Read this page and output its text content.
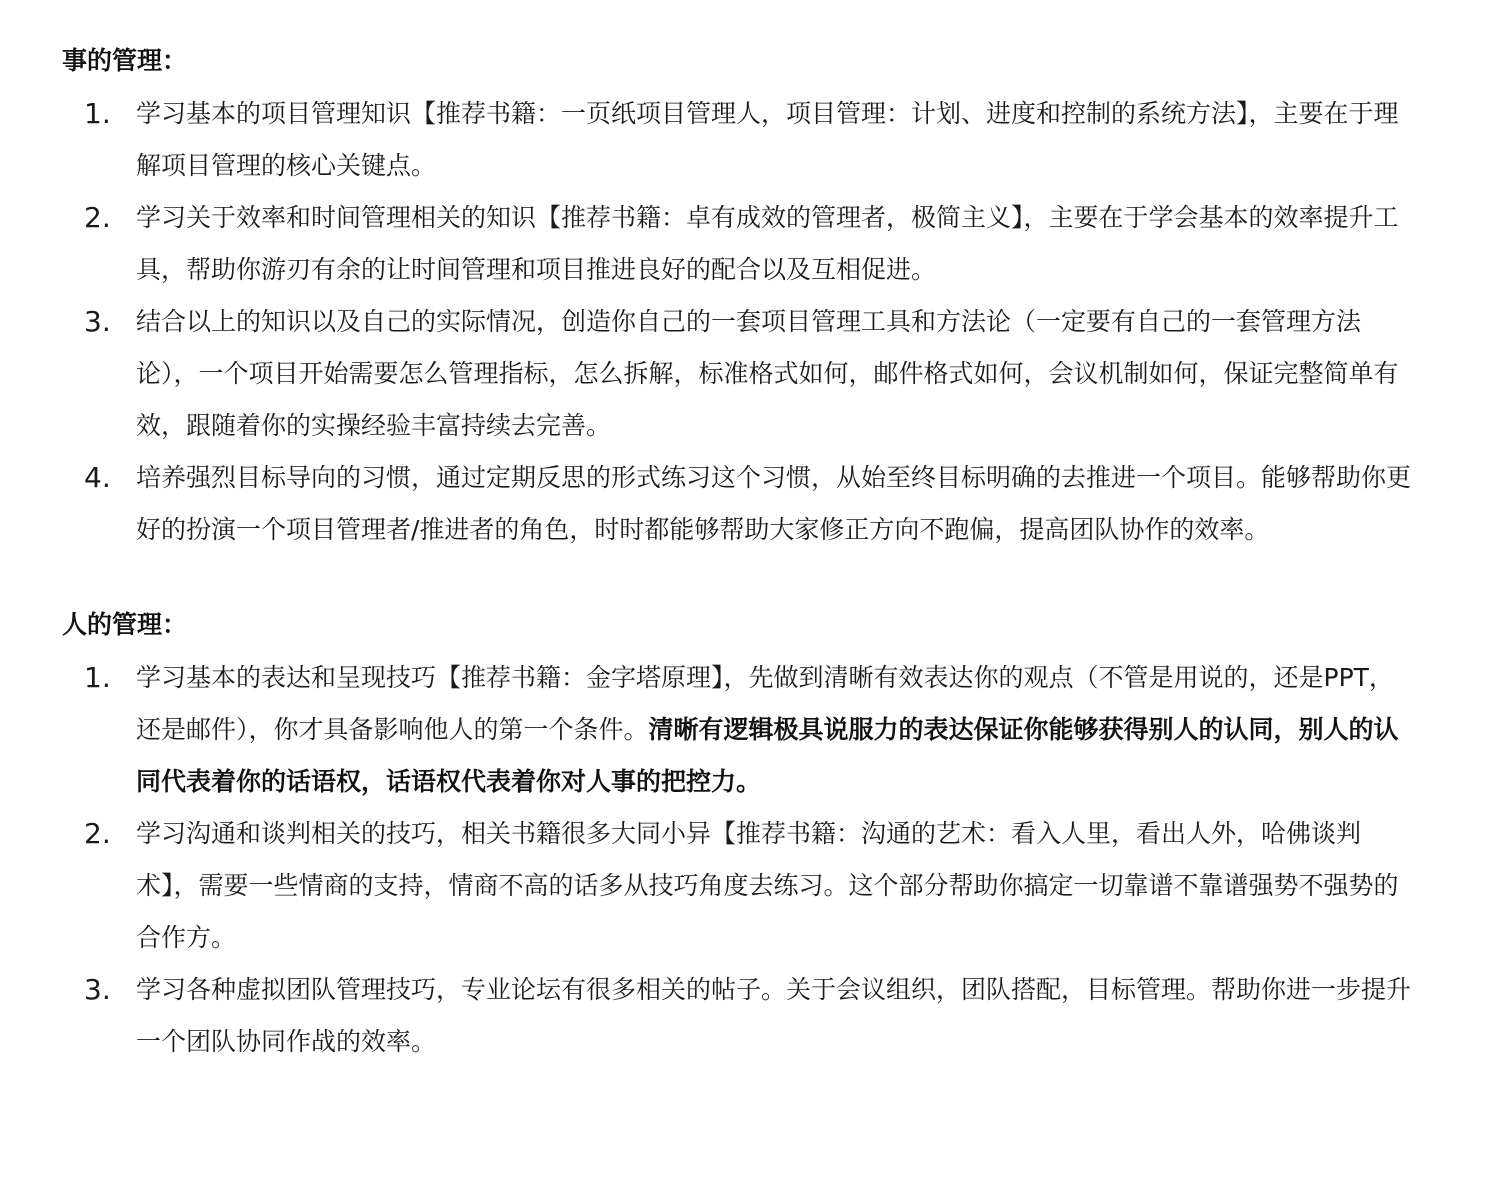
事的管理：
1.	学习基本的项目管理知识【推荐书籍：一页纸项目管理人，项目管理：计划、进度和控制的系统方法】，主要在于理解项目管理的核心关键点。
2.	学习关于效率和时间管理相关的知识【推荐书籍：卓有成效的管理者，极简主义】，主要在于学会基本的效率提升工具，帮助你游刃有余的让时间管理和项目推进良好的配合以及互相促进。
3.	结合以上的知识以及自己的实际情况，创造你自己的一套项目管理工具和方法论（一定要有自己的一套管理方法论），一个项目开始需要怎么管理指标，怎么拆解，标准格式如何，邮件格式如何，会议机制如何，保证完整简单有效，跟随着你的实操经验丰富持续去完善。
4.	培养强烈目标导向的习惯，通过定期反思的形式练习这个习惯，从始至终目标明确的去推进一个项目。能够帮助你更好的扮演一个项目管理者/推进者的角色，时时都能够帮助大家修正方向不跑偏，提高团队协作的效率。
人的管理：
1.	学习基本的表达和呈现技巧【推荐书籍：金字塔原理】，先做到清晰有效表达你的观点（不管是用说的，还是PPT，还是邮件），你才具备影响他人的第一个条件。清晰有逻辑极具说服力的表达保证你能够获得别人的认同，别人的认同代表着你的话语权，话语权代表着你对人事的把控力。
2.	学习沟通和谈判相关的技巧，相关书籍很多大同小异【推荐书籍：沟通的艺术：看入人里，看出人外，哈佛谈判术】，需要一些情商的支持，情商不高的话多从技巧角度去练习。这个部分帮助你搞定一切靠谱不靠谱强势不强势的合作方。
3.	学习各种虚拟团队管理技巧，专业论坛有很多相关的帖子。关于会议组织，团队搭配，目标管理。帮助你进一步提升一个团队协同作战的效率。
